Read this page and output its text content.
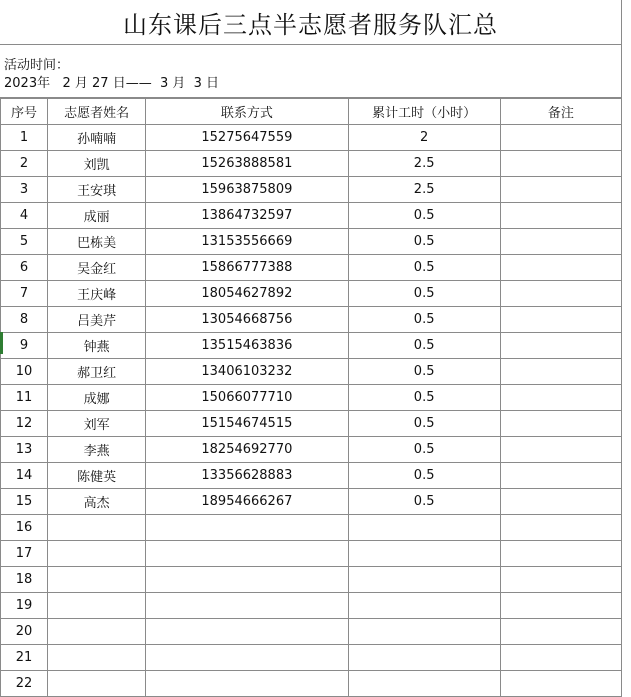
山东课后三点半志愿者服务队汇总
活动时间：
2023年   2 月 27 日——  3 月  3 日
序号	志愿者姓名	联系方式	累计工时（小时）	备注
1	孙喃喃	15275647559	2	
2	刘凯	15263888581	2.5	
3	王安琪	15963875809	2.5	
4	成丽	13864732597	0.5	
5	巴栋美	13153556669	0.5	
6	吴金红	15866777388	0.5	
7	王庆峰	18054627892	0.5	
8	吕美芹	13054668756	0.5	
9	钟燕	13515463836	0.5	
10	郝卫红	13406103232	0.5	
11	成娜	15066077710	0.5	
12	刘军	15154674515	0.5	
13	李燕	18254692770	0.5	
14	陈健英	13356628883	0.5	
15	高杰	18954666267	0.5	
16				
17				
18				
19				
20				
21				
22				
